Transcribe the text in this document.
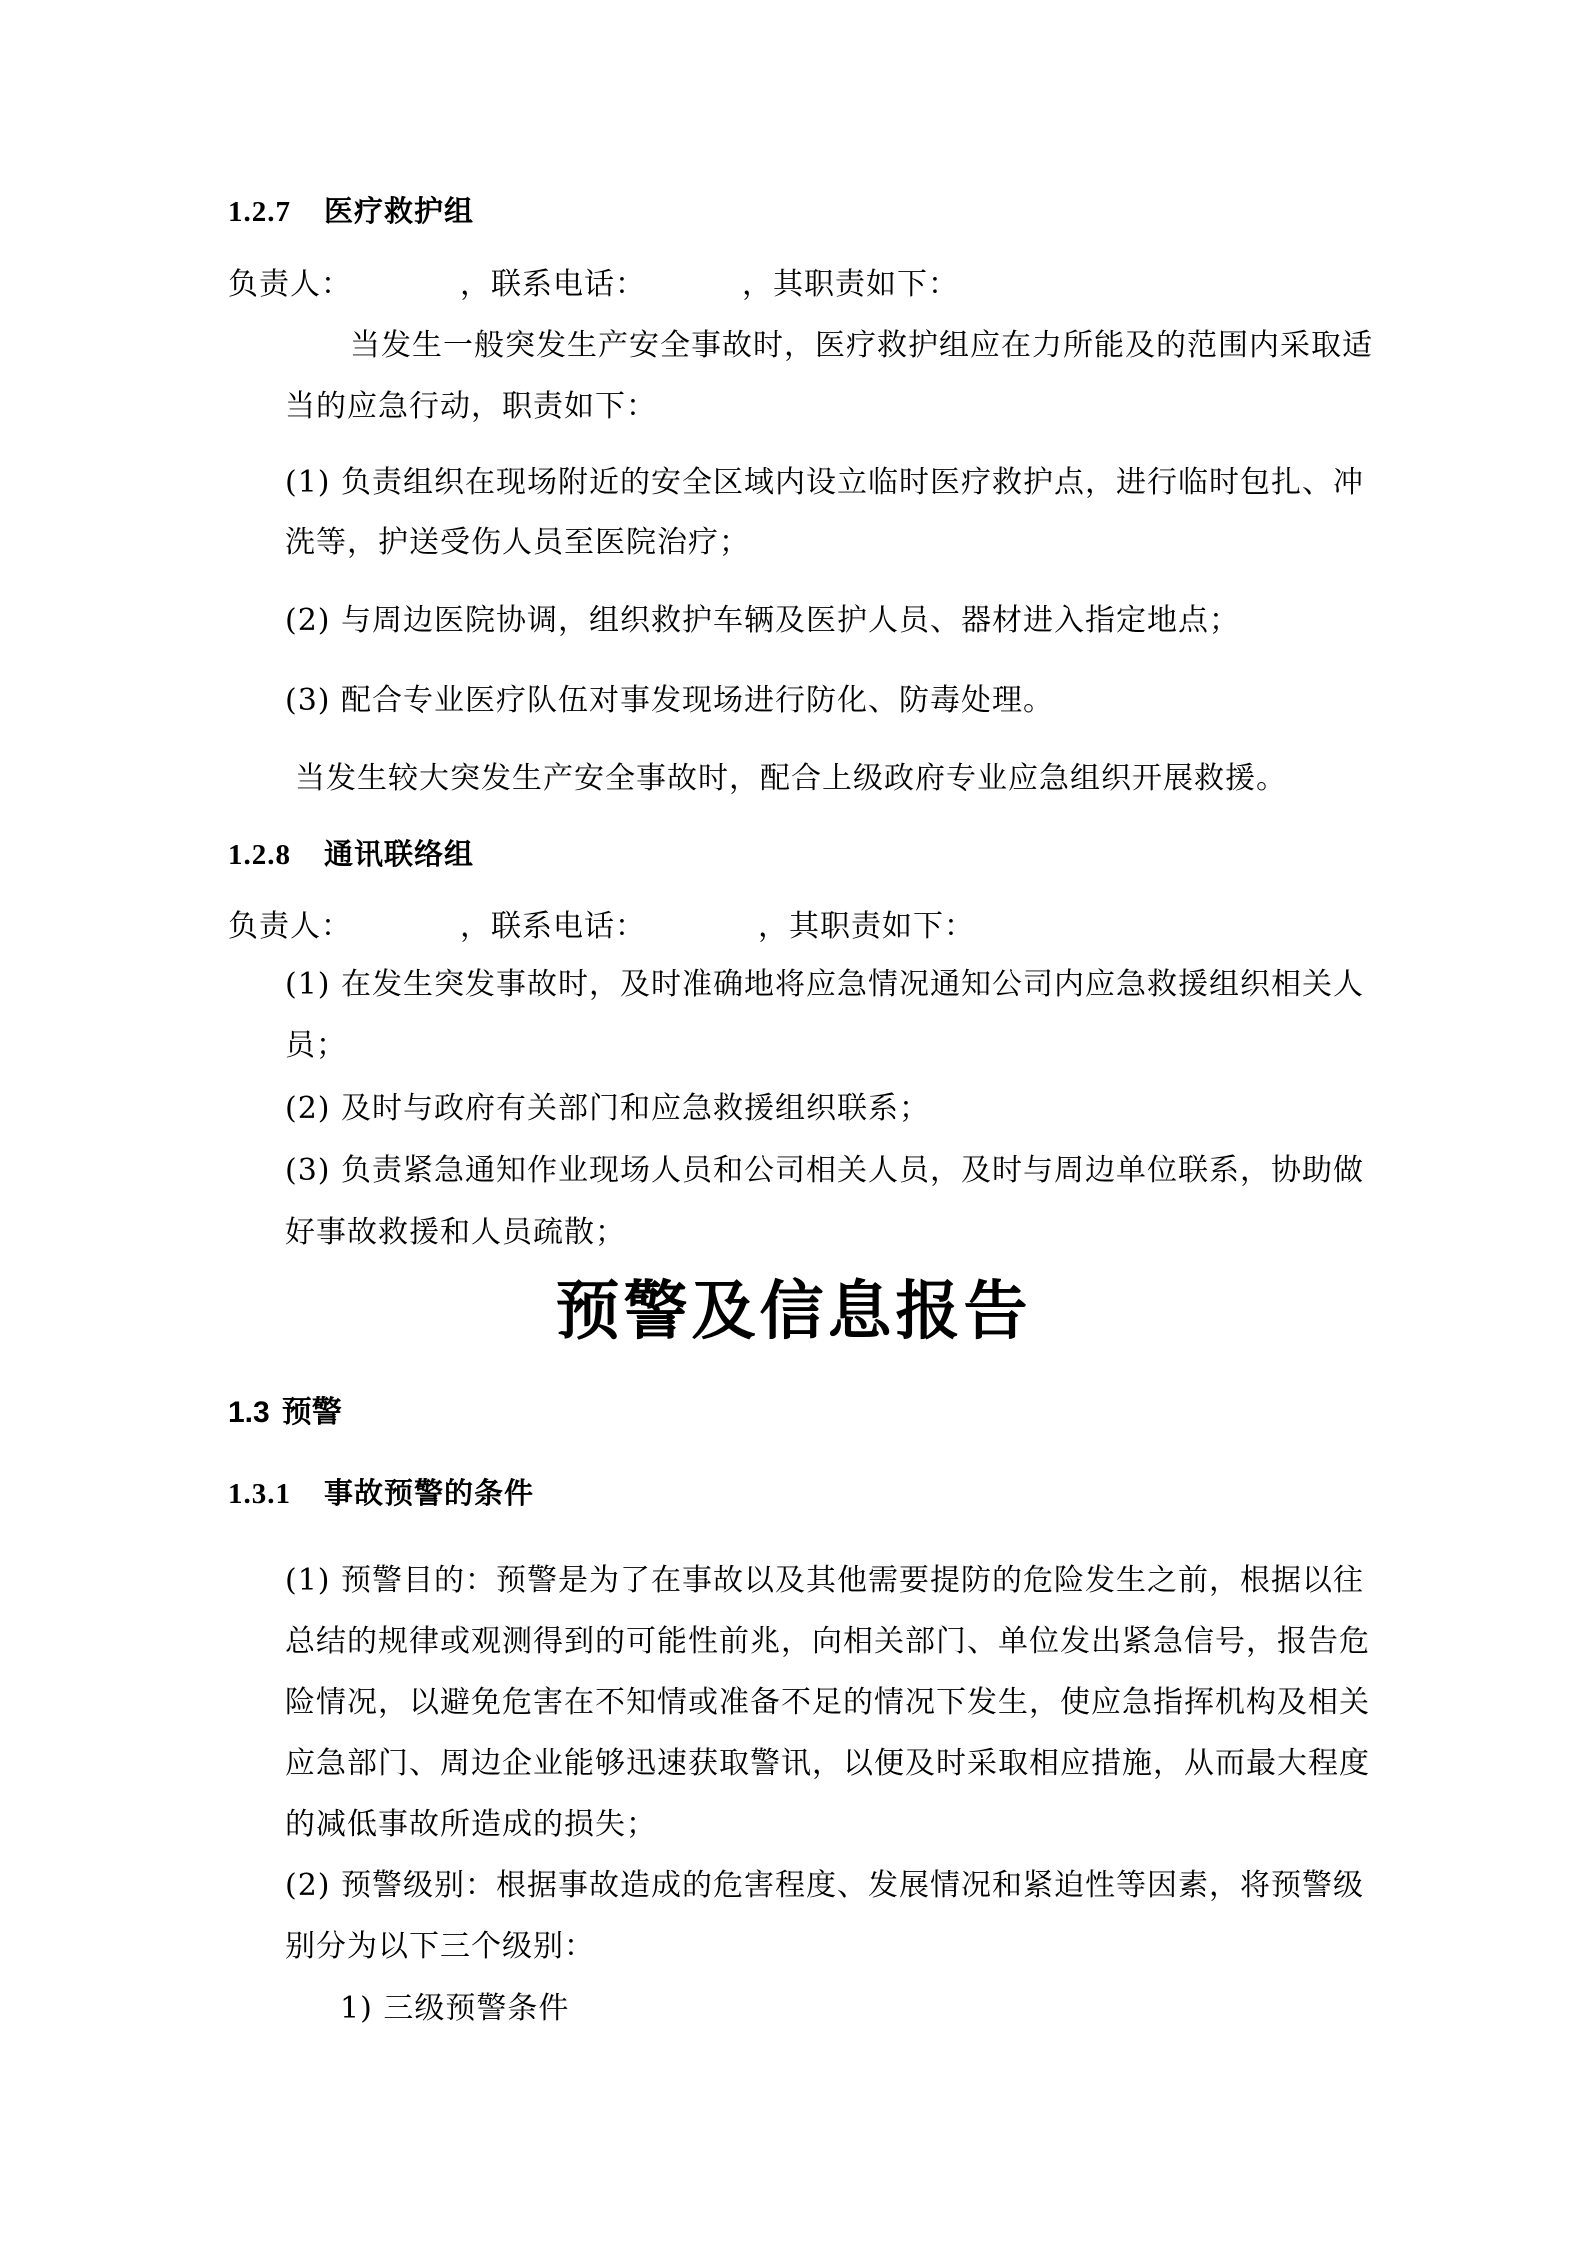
1.2.7 医疗救护组
负责人：	，联系电话：	，其职责如下：
当发生一般突发生产安全事故时，医疗救护组应在力所能及的范围内采取适
当的应急行动，职责如下：
(1) 负责组织在现场附近的安全区域内设立临时医疗救护点，进行临时包扎、冲
洗等，护送受伤人员至医院治疗；
(2) 与周边医院协调，组织救护车辆及医护人员、器材进入指定地点；
(3) 配合专业医疗队伍对事发现场进行防化、防毒处理。
当发生较大突发生产安全事故时，配合上级政府专业应急组织开展救援。
1.2.8 通讯联络组
负责人：	，联系电话：	，其职责如下：
(1) 在发生突发事故时，及时准确地将应急情况通知公司内应急救援组织相关人
员；
(2) 及时与政府有关部门和应急救援组织联系；
(3) 负责紧急通知作业现场人员和公司相关人员，及时与周边单位联系，协助做
好事故救援和人员疏散；
预警及信息报告
1.3 预警
1.3.1 事故预警的条件
(1) 预警目的：预警是为了在事故以及其他需要提防的危险发生之前，根据以往
总结的规律或观测得到的可能性前兆，向相关部门、单位发出紧急信号，报告危
险情况，以避免危害在不知情或准备不足的情况下发生，使应急指挥机构及相关
应急部门、周边企业能够迅速获取警讯，以便及时采取相应措施，从而最大程度
的减低事故所造成的损失；
(2) 预警级别：根据事故造成的危害程度、发展情况和紧迫性等因素，将预警级
别分为以下三个级别：
1) 三级预警条件
